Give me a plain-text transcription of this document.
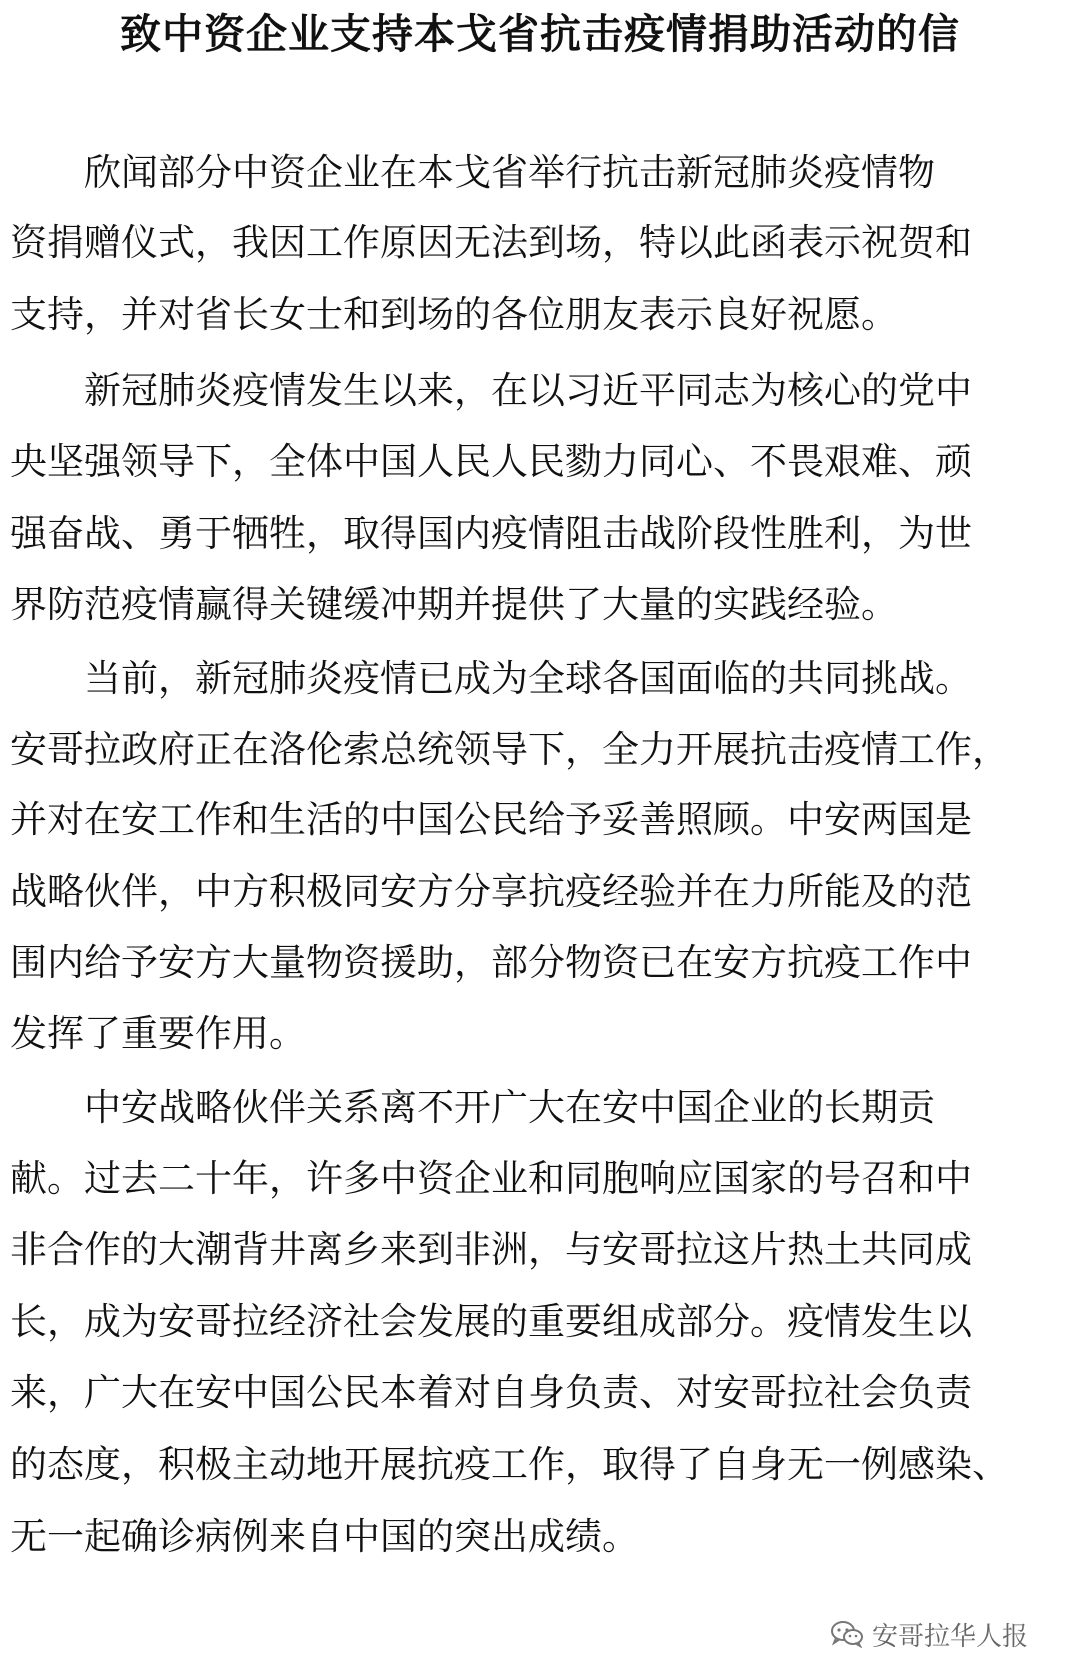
致中资企业支持本戈省抗击疫情捐助活动的信
欣闻部分中资企业在本戈省举行抗击新冠肺炎疫情物
资捐赠仪式，我因工作原因无法到场，特以此函表示祝贺和
支持，并对省长女士和到场的各位朋友表示良好祝愿。
新冠肺炎疫情发生以来，在以习近平同志为核心的党中
央坚强领导下，全体中国人民人民勠力同心、不畏艰难、顽
强奋战、勇于牺牲，取得国内疫情阻击战阶段性胜利，为世
界防范疫情赢得关键缓冲期并提供了大量的实践经验。
当前，新冠肺炎疫情已成为全球各国面临的共同挑战。
安哥拉政府正在洛伦索总统领导下，全力开展抗击疫情工作，
并对在安工作和生活的中国公民给予妥善照顾。中安两国是
战略伙伴，中方积极同安方分享抗疫经验并在力所能及的范
围内给予安方大量物资援助，部分物资已在安方抗疫工作中
发挥了重要作用。
中安战略伙伴关系离不开广大在安中国企业的长期贡
献。过去二十年，许多中资企业和同胞响应国家的号召和中
非合作的大潮背井离乡来到非洲，与安哥拉这片热土共同成
长，成为安哥拉经济社会发展的重要组成部分。疫情发生以
来，广大在安中国公民本着对自身负责、对安哥拉社会负责
的态度，积极主动地开展抗疫工作，取得了自身无一例感染、
无一起确诊病例来自中国的突出成绩。
安哥拉华人报
